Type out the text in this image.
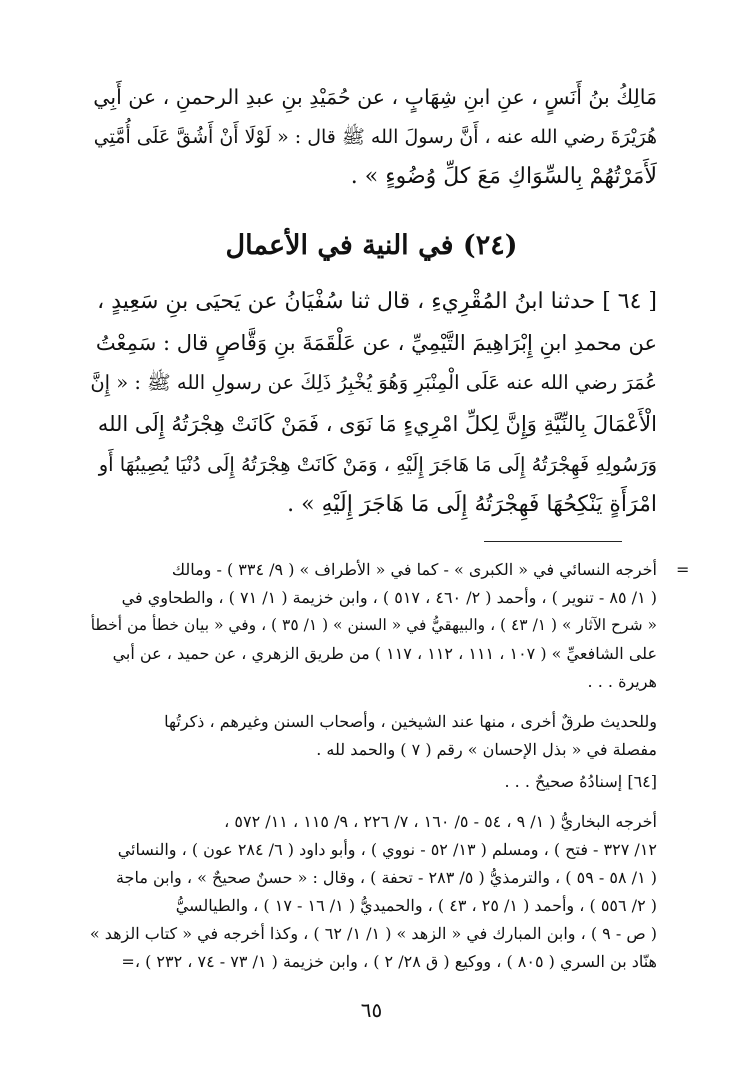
مَالِكُ بنُ أَنَسٍ ، عنِ ابنِ شِهَابٍ ، عن حُمَيْدِ بنِ عبدِ الرحمنِ ، عن أَبِي
هُرَيْرَةَ رضي الله عنه ، أَنَّ رسولَ الله ﷺ قال : « لَوْلَا أَنْ أَشُقَّ عَلَى أُمَّتِي
لَأَمَرْتُهُمْ بِالسِّوَاكِ مَعَ كلِّ وُضُوءٍ » .
(٢٤) في النية في الأعمال
[ ٦٤ ] حدثنا ابنُ المُقْرِيءِ ، قال ثنا سُفْيَانُ عن يَحيَى بنِ سَعِيدٍ ،
عن محمدِ ابنِ إِبْرَاهِيمَ التَّيْمِيِّ ، عن عَلْقَمَةَ بنِ وَقَّاصٍ قال : سَمِعْتُ
عُمَرَ رضي الله عنه عَلَى الْمِنْبَرِ وَهُوَ يُخْبِرُ ذَلِكَ عن رسولِ الله ﷺ : « إِنَّ
الْأَعْمَالَ بِالنِّيَّةِ وَإِنَّ لِكلِّ امْرِيءٍ مَا نَوَى ، فَمَنْ كَانَتْ هِجْرَتُهُ إِلَى الله
وَرَسُولِهِ فَهِجْرَتُهُ إِلَى مَا هَاجَرَ إِلَيْهِ ، وَمَنْ كَانَتْ هِجْرَتُهُ إِلَى دُنْيَا يُصِيبُهَا أَو
امْرَأَةٍ يَنْكِحُهَا فَهِجْرَتُهُ إِلَى مَا هَاجَرَ إِلَيْهِ » .
=
أخرجه النسائي في « الكبرى » - كما في « الأطراف » ( ٩/ ٣٣٤ ) - ومالك
( ١/ ٨٥ - تنوير ) ، وأحمد ( ٢/ ٤٦٠ ، ٥١٧ ) ، وابن خزيمة ( ١/ ٧١ ) ، والطحاوي في
« شرح الآثار » ( ١/ ٤٣ ) ، والبيهقيُّ في « السنن » ( ١/ ٣٥ ) ، وفي « بيان خطأ من أخطأ
على الشافعيِّ » ( ١٠٧ ، ١١١ ، ١١٢ ، ١١٧ ) من طريق الزهري ، عن حميد ، عن أبي
هريرة . . .
وللحديث طرقٌ أخرى ، منها عند الشيخين ، وأصحاب السنن وغيرهم ، ذكرتُها
مفصلة في « بذل الإحسان » رقم ( ٧ ) والحمد لله .
[٦٤] إسنادُهُ صحيحٌ . . .
أخرجه البخاريُّ ( ١/ ٩ ، ٥٤ - ٥/ ١٦٠ ، ٧/ ٢٢٦ ، ٩/ ١١٥ ، ١١/ ٥٧٢ ،
١٢/ ٣٢٧ - فتح ) ، ومسلم ( ١٣/ ٥٢ - نووي ) ، وأبو داود ( ٦/ ٢٨٤ عون ) ، والنسائي
( ١/ ٥٨ - ٥٩ ) ، والترمذيُّ ( ٥/ ٢٨٣ - تحفة ) ، وقال : « حسنٌ صحيحٌ » ، وابن ماجة
( ٢/ ٥٥٦ ) ، وأحمد ( ١/ ٢٥ ، ٤٣ ) ، والحميديُّ ( ١/ ١٦ - ١٧ ) ، والطيالسيُّ
( ص - ٩ ) ، وابن المبارك في « الزهد » ( ١/ ١/ ٦٢ ) ، وكذا أخرجه في « كتاب الزهد »
هنّاد بن السري ( ٨٠٥ ) ، ووكيع ( ق ٢٨/ ٢ ) ، وابن خزيمة ( ١/ ٧٣ - ٧٤ ، ٢٣٢ ) ،=
٦٥
